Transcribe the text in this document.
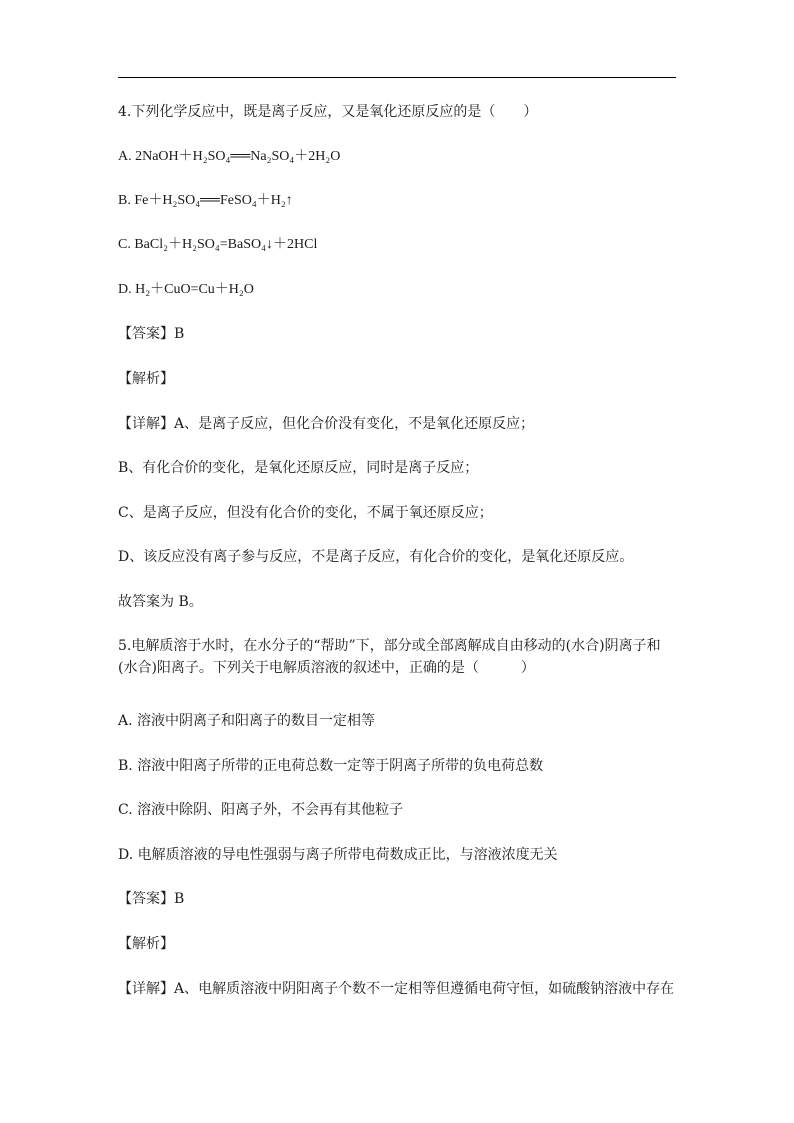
4.下列化学反应中，既是离子反应，又是氧化还原反应的是（　　）
A. 2NaOH＋H₂SO₄══Na₂SO₄＋2H₂O
B. Fe＋H₂SO₄══FeSO₄＋H₂↑
C. BaCl₂＋H₂SO₄=BaSO₄↓＋2HCl
D. H₂＋CuO=Cu＋H₂O
【答案】B
【解析】
【详解】A、是离子反应，但化合价没有变化，不是氧化还原反应；
B、有化合价的变化，是氧化还原反应，同时是离子反应；
C、是离子反应，但没有化合价的变化，不属于氧还原反应；
D、该反应没有离子参与反应，不是离子反应，有化合价的变化，是氧化还原反应。
故答案为 B。
5.电解质溶于水时，在水分子的“帮助”下，部分或全部离解成自由移动的(水合)阴离子和(水合)阳离子。下列关于电解质溶液的叙述中，正确的是（　　　）
A. 溶液中阴离子和阳离子的数目一定相等
B. 溶液中阳离子所带的正电荷总数一定等于阴离子所带的负电荷总数
C. 溶液中除阴、阳离子外，不会再有其他粒子
D. 电解质溶液的导电性强弱与离子所带电荷数成正比，与溶液浓度无关
【答案】B
【解析】
【详解】A、电解质溶液中阴阳离子个数不一定相等但遵循电荷守恒，如硫酸钠溶液中存在
